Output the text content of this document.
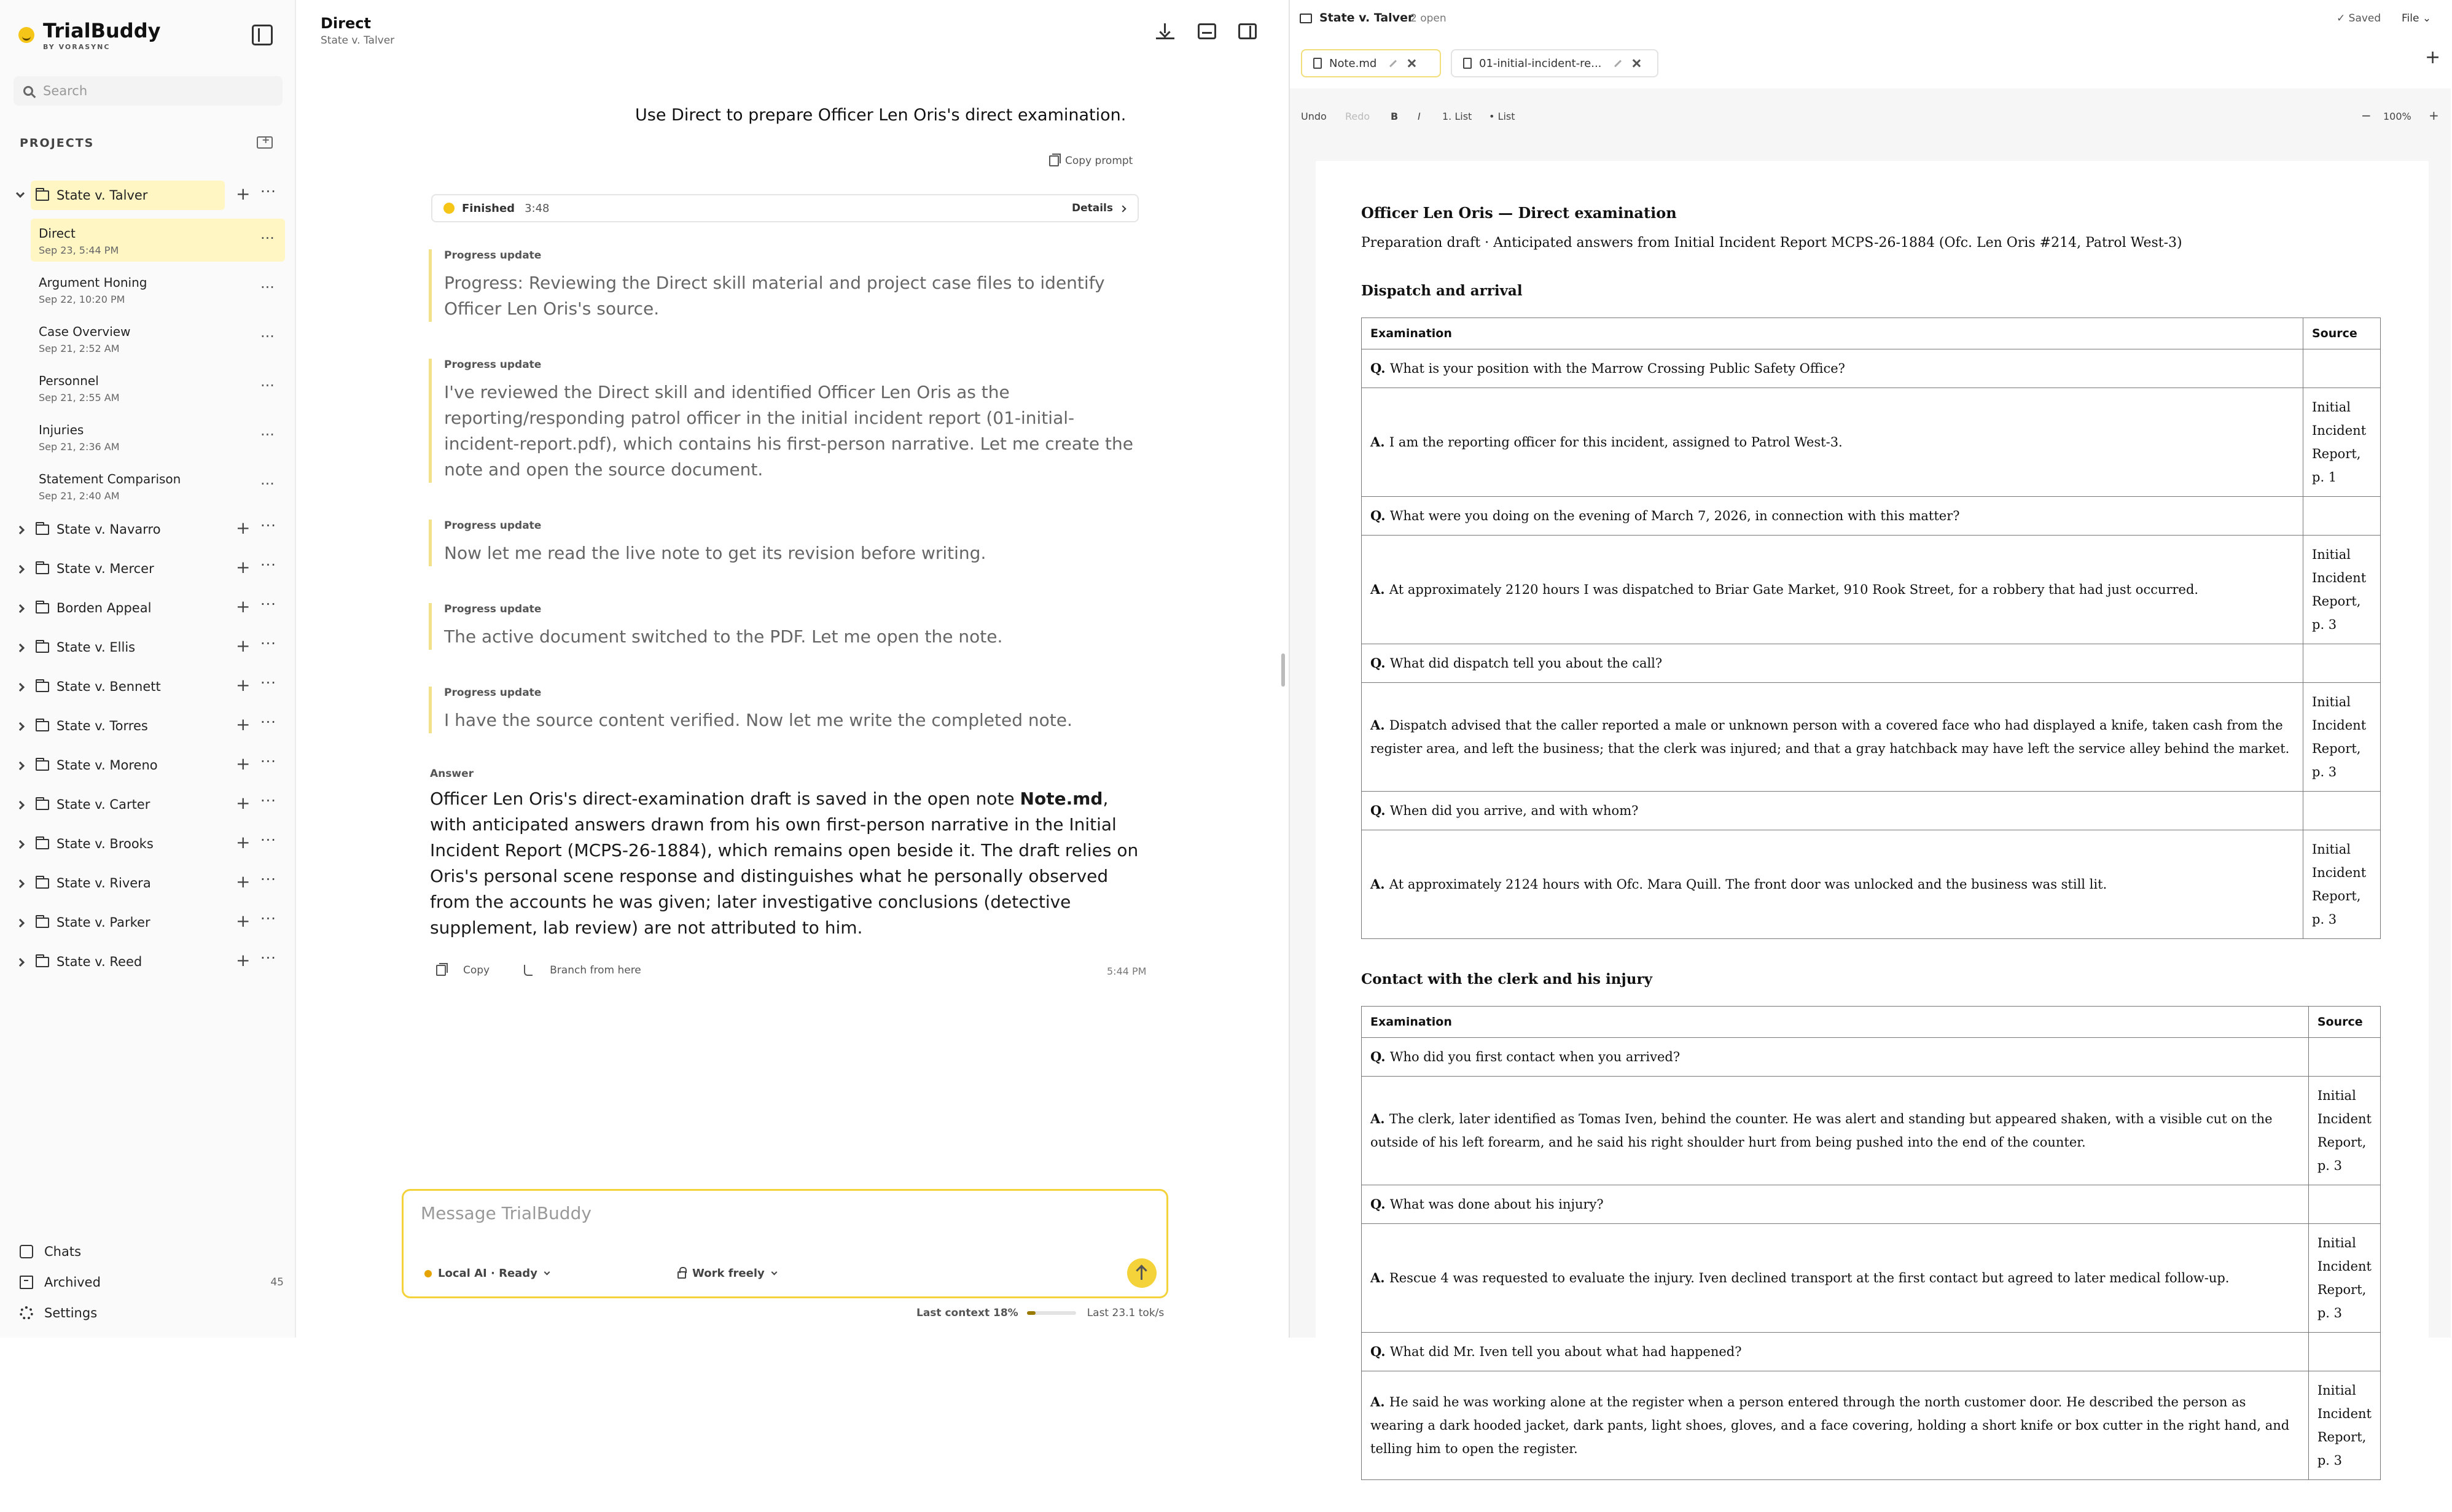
TrialBuddy
BY VORASYNC
Search
PROJECTS
+
State v. Talver	+ ···
Direct
Sep 23, 5:44 PM
···
Argument Honing
Sep 22, 10:20 PM
···
Case Overview
Sep 21, 2:52 AM
···
Personnel
Sep 21, 2:55 AM
···
Injuries
Sep 21, 2:36 AM
···
Statement Comparison
Sep 21, 2:40 AM
···
State v. Navarro	+ ···
State v. Mercer	+ ···
Borden Appeal	+ ···
State v. Ellis	+ ···
State v. Bennett	+ ···
State v. Torres	+ ···
State v. Moreno	+ ···
State v. Carter	+ ···
State v. Brooks	+ ···
State v. Rivera	+ ···
State v. Parker	+ ···
State v. Reed	+ ···
Chats
Archived	45
Settings
Direct
State v. Talver
Use Direct to prepare Officer Len Oris's direct examination.
Copy prompt
Finished 3:48	Details
Progress update
Progress: Reviewing the Direct skill material and project case files to identify Officer Len Oris's source.
Progress update
I've reviewed the Direct skill and identified Officer Len Oris as the reporting/responding patrol officer in the initial incident report (01-initial-incident-report.pdf), which contains his first-person narrative. Let me create the note and open the source document.
Progress update
Now let me read the live note to get its revision before writing.
Progress update
The active document switched to the PDF. Let me open the note.
Progress update
I have the source content verified. Now let me write the completed note.
Answer
Officer Len Oris's direct-examination draft is saved in the open note Note.md, with anticipated answers drawn from his own first-person narrative in the Initial Incident Report (MCPS-26-1884), which remains open beside it. The draft relies on Oris's personal scene response and distinguishes what he personally observed from the accounts he was given; later investigative conclusions (detective supplement, lab review) are not attributed to him.
Copy	Branch from here	5:44 PM
Message TrialBuddy
Local AI · Ready	Work freely
Last context 18%	Last 23.1 tok/s
State v. Talver
2 open	✓ Saved File ⌄
Note.md	01-initial-incident-re...	+
Undo Redo B I 1. List • List	− 100% +
Officer Len Oris — Direct examination
Preparation draft · Anticipated answers from Initial Incident Report MCPS-26-1884 (Ofc. Len Oris #214, Patrol West-3)
Dispatch and arrival
Examination	Source
Q. What is your position with the Marrow Crossing Public Safety Office?	
A. I am the reporting officer for this incident, assigned to Patrol West-3.	Initial Incident Report, p. 1
Q. What were you doing on the evening of March 7, 2026, in connection with this matter?	
A. At approximately 2120 hours I was dispatched to Briar Gate Market, 910 Rook Street, for a robbery that had just occurred.	Initial Incident Report, p. 3
Q. What did dispatch tell you about the call?	
A. Dispatch advised that the caller reported a male or unknown person with a covered face who had displayed a knife, taken cash from the register area, and left the business; that the clerk was injured; and that a gray hatchback may have left the service alley behind the market.	Initial Incident Report, p. 3
Q. When did you arrive, and with whom?	
A. At approximately 2124 hours with Ofc. Mara Quill. The front door was unlocked and the business was still lit.	Initial Incident Report, p. 3
Contact with the clerk and his injury
Examination	Source
Q. Who did you first contact when you arrived?	
A. The clerk, later identified as Tomas Iven, behind the counter. He was alert and standing but appeared shaken, with a visible cut on the outside of his left forearm, and he said his right shoulder hurt from being pushed into the end of the counter.	Initial Incident Report, p. 3
Q. What was done about his injury?	
A. Rescue 4 was requested to evaluate the injury. Iven declined transport at the first contact but agreed to later medical follow-up.	Initial Incident Report, p. 3
Q. What did Mr. Iven tell you about what had happened?	
A. He said he was working alone at the register when a person entered through the north customer door. He described the person as wearing a dark hooded jacket, dark pants, light shoes, gloves, and a face covering, holding a short knife or box cutter in the right hand, and telling him to open the register.	Initial Incident Report, p. 3
